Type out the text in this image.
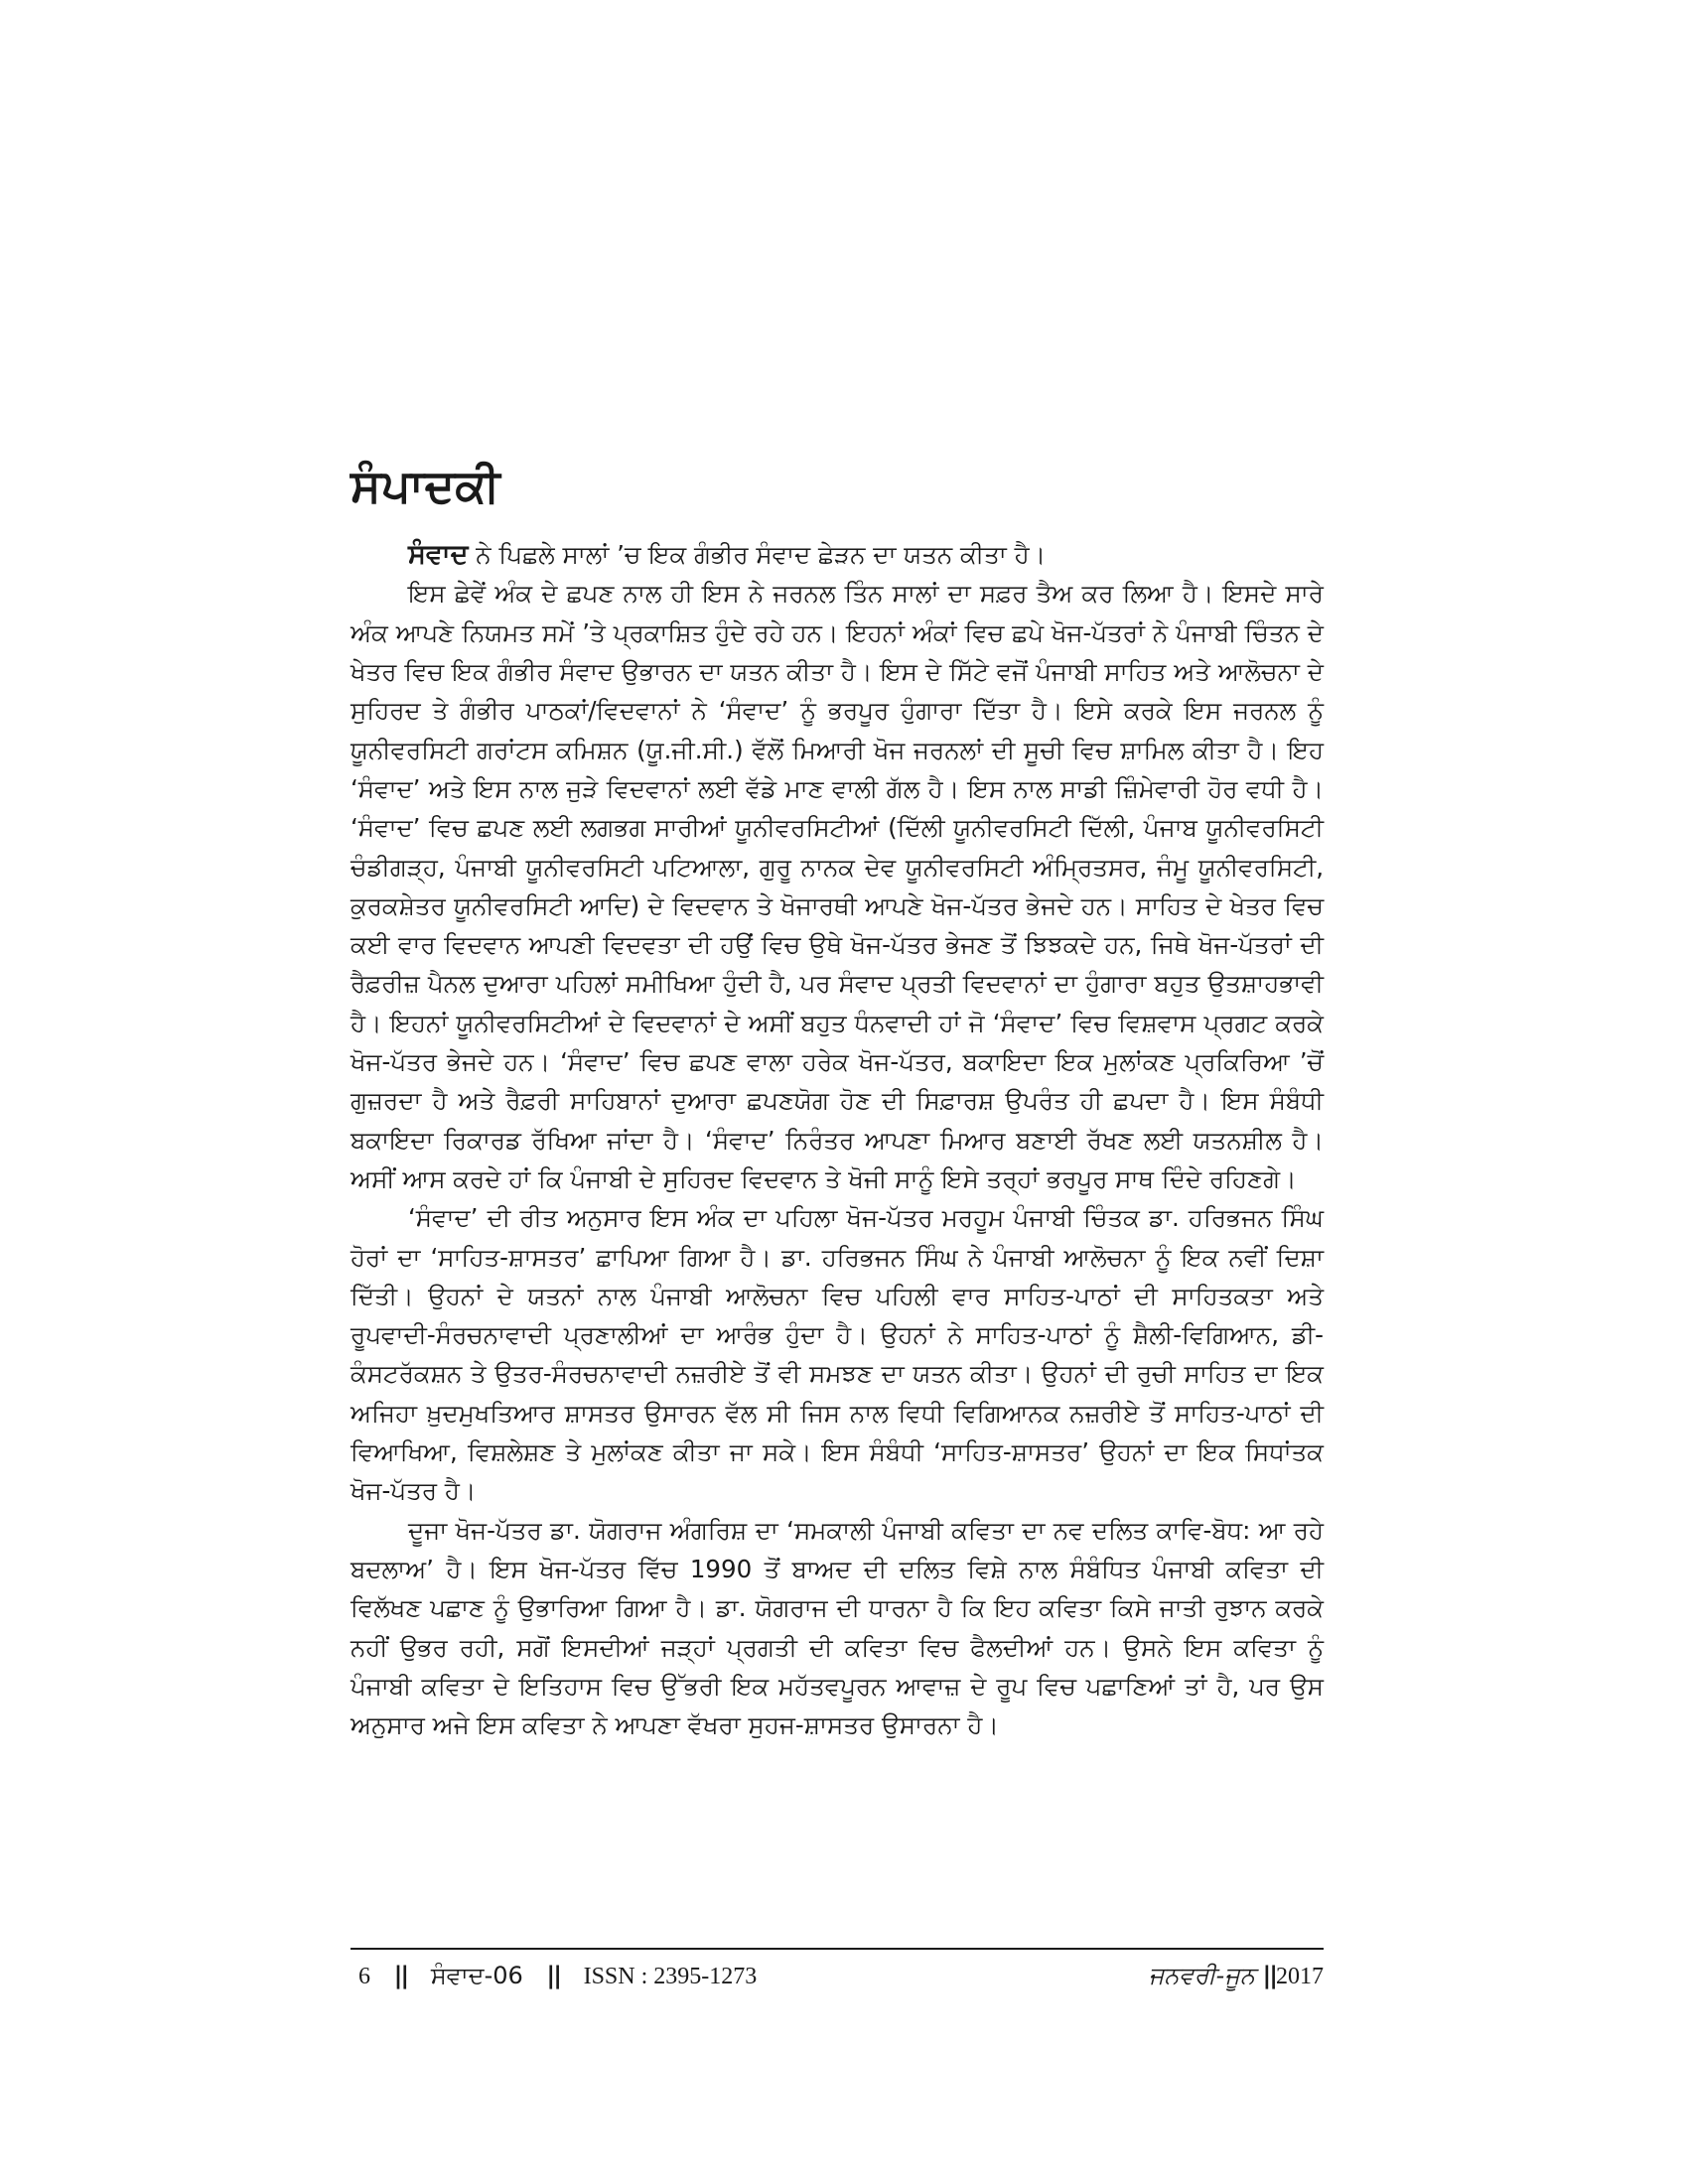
ਸੰਪਾਦਕੀ

ਸੰਵਾਦ ਨੇ ਪਿਛਲੇ ਸਾਲਾਂ ’ਚ ਇਕ ਗੰਭੀਰ ਸੰਵਾਦ ਛੇੜਨ ਦਾ ਯਤਨ ਕੀਤਾ ਹੈ।

ਇਸ ਛੇਵੇਂ ਅੰਕ ਦੇ ਛਪਣ ਨਾਲ ਹੀ ਇਸ ਨੇ ਜਰਨਲ ਤਿੰਨ ਸਾਲਾਂ ਦਾ ਸਫ਼ਰ ਤੈਅ ਕਰ ਲਿਆ ਹੈ। ਇਸਦੇ ਸਾਰੇ ਅੰਕ ਆਪਣੇ ਨਿਯਮਤ ਸਮੇਂ ’ਤੇ ਪ੍ਰਕਾਸ਼ਿਤ ਹੁੰਦੇ ਰਹੇ ਹਨ। ਇਹਨਾਂ ਅੰਕਾਂ ਵਿਚ ਛਪੇ ਖੋਜ-ਪੱਤਰਾਂ ਨੇ ਪੰਜਾਬੀ ਚਿੰਤਨ ਦੇ ਖੇਤਰ ਵਿਚ ਇਕ ਗੰਭੀਰ ਸੰਵਾਦ ਉਭਾਰਨ ਦਾ ਯਤਨ ਕੀਤਾ ਹੈ। ਇਸ ਦੇ ਸਿੱਟੇ ਵਜੋਂ ਪੰਜਾਬੀ ਸਾਹਿਤ ਅਤੇ ਆਲੋਚਨਾ ਦੇ ਸੁਹਿਰਦ ਤੇ ਗੰਭੀਰ ਪਾਠਕਾਂ/ਵਿਦਵਾਨਾਂ ਨੇ ‘ਸੰਵਾਦ’ ਨੂੰ ਭਰਪੂਰ ਹੁੰਗਾਰਾ ਦਿੱਤਾ ਹੈ। ਇਸੇ ਕਰਕੇ ਇਸ ਜਰਨਲ ਨੂੰ ਯੂਨੀਵਰਸਿਟੀ ਗਰਾਂਟਸ ਕਮਿਸ਼ਨ (ਯੂ.ਜੀ.ਸੀ.) ਵੱਲੋਂ ਮਿਆਰੀ ਖੋਜ ਜਰਨਲਾਂ ਦੀ ਸੂਚੀ ਵਿਚ ਸ਼ਾਮਿਲ ਕੀਤਾ ਹੈ। ਇਹ ‘ਸੰਵਾਦ’ ਅਤੇ ਇਸ ਨਾਲ ਜੁੜੇ ਵਿਦਵਾਨਾਂ ਲਈ ਵੱਡੇ ਮਾਣ ਵਾਲੀ ਗੱਲ ਹੈ। ਇਸ ਨਾਲ ਸਾਡੀ ਜ਼ਿੰਮੇਵਾਰੀ ਹੋਰ ਵਧੀ ਹੈ। ‘ਸੰਵਾਦ’ ਵਿਚ ਛਪਣ ਲਈ ਲਗਭਗ ਸਾਰੀਆਂ ਯੂਨੀਵਰਸਿਟੀਆਂ (ਦਿੱਲੀ ਯੂਨੀਵਰਸਿਟੀ ਦਿੱਲੀ, ਪੰਜਾਬ ਯੂਨੀਵਰਸਿਟੀ ਚੰਡੀਗੜ੍ਹ, ਪੰਜਾਬੀ ਯੂਨੀਵਰਸਿਟੀ ਪਟਿਆਲਾ, ਗੁਰੂ ਨਾਨਕ ਦੇਵ ਯੂਨੀਵਰਸਿਟੀ ਅੰਮ੍ਰਿਤਸਰ, ਜੰਮੂ ਯੂਨੀਵਰਸਿਟੀ, ਕੁਰਕਸ਼ੇਤਰ ਯੂਨੀਵਰਸਿਟੀ ਆਦਿ) ਦੇ ਵਿਦਵਾਨ ਤੇ ਖੋਜਾਰਥੀ ਆਪਣੇ ਖੋਜ-ਪੱਤਰ ਭੇਜਦੇ ਹਨ। ਸਾਹਿਤ ਦੇ ਖੇਤਰ ਵਿਚ ਕਈ ਵਾਰ ਵਿਦਵਾਨ ਆਪਣੀ ਵਿਦਵਤਾ ਦੀ ਹਉਂ ਵਿਚ ਉਥੇ ਖੋਜ-ਪੱਤਰ ਭੇਜਣ ਤੋਂ ਝਿਝਕਦੇ ਹਨ, ਜਿਥੇ ਖੋਜ-ਪੱਤਰਾਂ ਦੀ ਰੈਫ਼ਰੀਜ਼ ਪੈਨਲ ਦੁਆਰਾ ਪਹਿਲਾਂ ਸਮੀਖਿਆ ਹੁੰਦੀ ਹੈ, ਪਰ ਸੰਵਾਦ ਪ੍ਰਤੀ ਵਿਦਵਾਨਾਂ ਦਾ ਹੁੰਗਾਰਾ ਬਹੁਤ ਉਤਸ਼ਾਹਭਾਵੀ ਹੈ। ਇਹਨਾਂ ਯੂਨੀਵਰਸਿਟੀਆਂ ਦੇ ਵਿਦਵਾਨਾਂ ਦੇ ਅਸੀਂ ਬਹੁਤ ਧੰਨਵਾਦੀ ਹਾਂ ਜੋ ‘ਸੰਵਾਦ’ ਵਿਚ ਵਿਸ਼ਵਾਸ ਪ੍ਰਗਟ ਕਰਕੇ ਖੋਜ-ਪੱਤਰ ਭੇਜਦੇ ਹਨ। ‘ਸੰਵਾਦ’ ਵਿਚ ਛਪਣ ਵਾਲਾ ਹਰੇਕ ਖੋਜ-ਪੱਤਰ, ਬਕਾਇਦਾ ਇਕ ਮੁਲਾਂਕਣ ਪ੍ਰਕਿਰਿਆ ’ਚੋਂ ਗੁਜ਼ਰਦਾ ਹੈ ਅਤੇ ਰੈਫ਼ਰੀ ਸਾਹਿਬਾਨਾਂ ਦੁਆਰਾ ਛਪਣਯੋਗ ਹੋਣ ਦੀ ਸਿਫ਼ਾਰਸ਼ ਉਪਰੰਤ ਹੀ ਛਪਦਾ ਹੈ। ਇਸ ਸੰਬੰਧੀ ਬਕਾਇਦਾ ਰਿਕਾਰਡ ਰੱਖਿਆ ਜਾਂਦਾ ਹੈ। ‘ਸੰਵਾਦ’ ਨਿਰੰਤਰ ਆਪਣਾ ਮਿਆਰ ਬਣਾਈ ਰੱਖਣ ਲਈ ਯਤਨਸ਼ੀਲ ਹੈ। ਅਸੀਂ ਆਸ ਕਰਦੇ ਹਾਂ ਕਿ ਪੰਜਾਬੀ ਦੇ ਸੁਹਿਰਦ ਵਿਦਵਾਨ ਤੇ ਖੋਜੀ ਸਾਨੂੰ ਇਸੇ ਤਰ੍ਹਾਂ ਭਰਪੂਰ ਸਾਥ ਦਿੰਦੇ ਰਹਿਣਗੇ।

‘ਸੰਵਾਦ’ ਦੀ ਰੀਤ ਅਨੁਸਾਰ ਇਸ ਅੰਕ ਦਾ ਪਹਿਲਾ ਖੋਜ-ਪੱਤਰ ਮਰਹੂਮ ਪੰਜਾਬੀ ਚਿੰਤਕ ਡਾ. ਹਰਿਭਜਨ ਸਿੰਘ ਹੋਰਾਂ ਦਾ ‘ਸਾਹਿਤ-ਸ਼ਾਸਤਰ’ ਛਾਪਿਆ ਗਿਆ ਹੈ। ਡਾ. ਹਰਿਭਜਨ ਸਿੰਘ ਨੇ ਪੰਜਾਬੀ ਆਲੋਚਨਾ ਨੂੰ ਇਕ ਨਵੀਂ ਦਿਸ਼ਾ ਦਿੱਤੀ। ਉਹਨਾਂ ਦੇ ਯਤਨਾਂ ਨਾਲ ਪੰਜਾਬੀ ਆਲੋਚਨਾ ਵਿਚ ਪਹਿਲੀ ਵਾਰ ਸਾਹਿਤ-ਪਾਠਾਂ ਦੀ ਸਾਹਿਤਕਤਾ ਅਤੇ ਰੂਪਵਾਦੀ-ਸੰਰਚਨਾਵਾਦੀ ਪ੍ਰਣਾਲੀਆਂ ਦਾ ਆਰੰਭ ਹੁੰਦਾ ਹੈ। ਉਹਨਾਂ ਨੇ ਸਾਹਿਤ-ਪਾਠਾਂ ਨੂੰ ਸ਼ੈਲੀ-ਵਿਗਿਆਨ, ਡੀ-ਕੰਸਟਰੱਕਸ਼ਨ ਤੇ ਉਤਰ-ਸੰਰਚਨਾਵਾਦੀ ਨਜ਼ਰੀਏ ਤੋਂ ਵੀ ਸਮਝਣ ਦਾ ਯਤਨ ਕੀਤਾ। ਉਹਨਾਂ ਦੀ ਰੁਚੀ ਸਾਹਿਤ ਦਾ ਇਕ ਅਜਿਹਾ ਖ਼ੁਦਮੁਖਤਿਆਰ ਸ਼ਾਸਤਰ ਉਸਾਰਨ ਵੱਲ ਸੀ ਜਿਸ ਨਾਲ ਵਿਧੀ ਵਿਗਿਆਨਕ ਨਜ਼ਰੀਏ ਤੋਂ ਸਾਹਿਤ-ਪਾਠਾਂ ਦੀ ਵਿਆਖਿਆ, ਵਿਸ਼ਲੇਸ਼ਣ ਤੇ ਮੁਲਾਂਕਣ ਕੀਤਾ ਜਾ ਸਕੇ। ਇਸ ਸੰਬੰਧੀ ‘ਸਾਹਿਤ-ਸ਼ਾਸਤਰ’ ਉਹਨਾਂ ਦਾ ਇਕ ਸਿਧਾਂਤਕ ਖੋਜ-ਪੱਤਰ ਹੈ।

ਦੂਜਾ ਖੋਜ-ਪੱਤਰ ਡਾ. ਯੋਗਰਾਜ ਅੰਗਰਿਸ਼ ਦਾ ‘ਸਮਕਾਲੀ ਪੰਜਾਬੀ ਕਵਿਤਾ ਦਾ ਨਵ ਦਲਿਤ ਕਾਵਿ-ਬੋਧ: ਆ ਰਹੇ ਬਦਲਾਅ’ ਹੈ। ਇਸ ਖੋਜ-ਪੱਤਰ ਵਿੱਚ 1990 ਤੋਂ ਬਾਅਦ ਦੀ ਦਲਿਤ ਵਿਸ਼ੇ ਨਾਲ ਸੰਬੰਧਿਤ ਪੰਜਾਬੀ ਕਵਿਤਾ ਦੀ ਵਿਲੱਖਣ ਪਛਾਣ ਨੂੰ ਉਭਾਰਿਆ ਗਿਆ ਹੈ। ਡਾ. ਯੋਗਰਾਜ ਦੀ ਧਾਰਨਾ ਹੈ ਕਿ ਇਹ ਕਵਿਤਾ ਕਿਸੇ ਜਾਤੀ ਰੁਝਾਨ ਕਰਕੇ ਨਹੀਂ ਉਭਰ ਰਹੀ, ਸਗੋਂ ਇਸਦੀਆਂ ਜੜ੍ਹਾਂ ਪ੍ਰਗਤੀ ਦੀ ਕਵਿਤਾ ਵਿਚ ਫੈਲਦੀਆਂ ਹਨ। ਉਸਨੇ ਇਸ ਕਵਿਤਾ ਨੂੰ ਪੰਜਾਬੀ ਕਵਿਤਾ ਦੇ ਇਤਿਹਾਸ ਵਿਚ ਉੱਭਰੀ ਇਕ ਮਹੱਤਵਪੂਰਨ ਆਵਾਜ਼ ਦੇ ਰੂਪ ਵਿਚ ਪਛਾਣਿਆਂ ਤਾਂ ਹੈ, ਪਰ ਉਸ ਅਨੁਸਾਰ ਅਜੇ ਇਸ ਕਵਿਤਾ ਨੇ ਆਪਣਾ ਵੱਖਰਾ ਸੁਹਜ-ਸ਼ਾਸਤਰ ਉਸਾਰਨਾ ਹੈ।

6 || ਸੰਵਾਦ-06 || ISSN : 2395-1273	ਜਨਵਰੀ-ਜੂਨ ||2017
